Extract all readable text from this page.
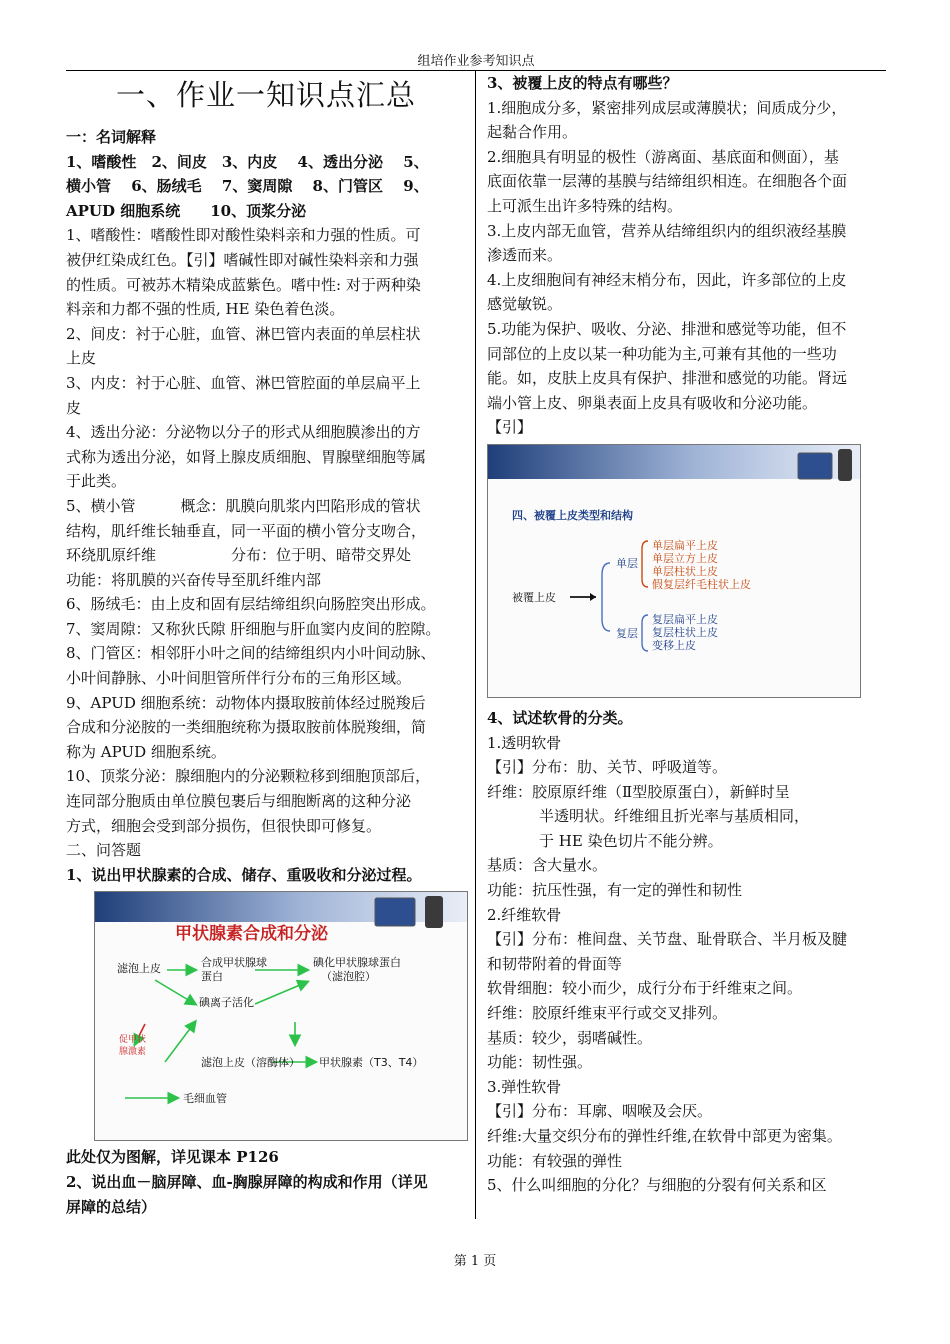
组培作业参考知识点
一、作业一知识点汇总

一：名词解释

1、嗜酸性　2、间皮　3、内皮　 4、透出分泌　 5、

横小管　 6、肠绒毛　 7、窦周隙　 8、门管区　 9、

APUD 细胞系统　　10、顶浆分泌

1、嗜酸性：嗜酸性即对酸性染料亲和力强的性质。可

被伊红染成红色。【引】嗜碱性即对碱性染料亲和力强

的性质。可被苏木精染成蓝紫色。嗜中性: 对于两种染

料亲和力都不强的性质, HE 染色着色淡。

2、间皮：衬于心脏，血管、淋巴管内表面的单层柱状

上皮

3、内皮：衬于心脏、血管、淋巴管腔面的单层扁平上

皮

4、透出分泌：分泌物以分子的形式从细胞膜渗出的方

式称为透出分泌，如肾上腺皮质细胞、胃腺壁细胞等属

于此类。

5、横小管　　　概念：肌膜向肌浆内凹陷形成的管状

结构，肌纤维长轴垂直，同一平面的横小管分支吻合，

环绕肌原纤维　　　　　分布：位于明、暗带交界处

功能：将肌膜的兴奋传导至肌纤维内部

6、肠绒毛：由上皮和固有层结缔组织向肠腔突出形成。

7、窦周隙：又称狄氏隙 肝细胞与肝血窦内皮间的腔隙。

8、门管区：相邻肝小叶之间的结缔组织内小叶间动脉、

小叶间静脉、小叶间胆管所伴行分布的三角形区域。

9、APUD 细胞系统：动物体内摄取胺前体经过脱羧后

合成和分泌胺的一类细胞统称为摄取胺前体脱羧细，简

称为 APUD 细胞系统。

10、顶浆分泌：腺细胞内的分泌颗粒移到细胞顶部后，

连同部分胞质由单位膜包裹后与细胞断离的这种分泌

方式，细胞会受到部分损伤，但很快即可修复。

二、问答题

1、说出甲状腺素的合成、储存、重吸收和分泌过程。

甲状腺素合成和分泌
滤泡上皮	合成甲状腺球
蛋白
碘化甲状腺球蛋白
（滤泡腔）
碘离子活化
促甲状
腺激素
滤泡上皮（溶酶体） 甲状腺素（T3、T4）
毛细血管

此处仅为图解，详见课本 P126

2、说出血－脑屏障、血-胸腺屏障的构成和作用（详见

屏障的总结）

3、被覆上皮的特点有哪些？

1.细胞成分多，紧密排列成层或薄膜状；间质成分少，

起黏合作用。

2.细胞具有明显的极性（游离面、基底面和侧面），基

底面依靠一层薄的基膜与结缔组织相连。在细胞各个面

上可派生出许多特殊的结构。

3.上皮内部无血管，营养从结缔组织内的组织液经基膜

渗透而来。

4.上皮细胞间有神经末梢分布，因此，许多部位的上皮

感觉敏锐。

5.功能为保护、吸收、分泌、排泄和感觉等功能，但不

同部位的上皮以某一种功能为主,可兼有其他的一些功

能。如，皮肤上皮具有保护、排泄和感觉的功能。肾远

端小管上皮、卵巢表面上皮具有吸收和分泌功能。

【引】

四、被覆上皮类型和结构
被覆上皮
单层
复层
单层扁平上皮
单层立方上皮
单层柱状上皮
假复层纤毛柱状上皮
复层扁平上皮
复层柱状上皮
变移上皮

4、试述软骨的分类。

1.透明软骨

【引】分布：肋、关节、呼吸道等。

纤维：胶原原纤维（Ⅱ型胶原蛋白），新鲜时呈

半透明状。纤维细且折光率与基质相同，

于 HE 染色切片不能分辨。

基质：含大量水。

功能：抗压性强，有一定的弹性和韧性

2.纤维软骨

【引】分布：椎间盘、关节盘、耻骨联合、半月板及腱

和韧带附着的骨面等

软骨细胞：较小而少，成行分布于纤维束之间。

纤维：胶原纤维束平行或交叉排列。

基质：较少，弱嗜碱性。

功能：韧性强。

3.弹性软骨

【引】分布：耳廓、咽喉及会厌。

纤维:大量交织分布的弹性纤维,在软骨中部更为密集。

功能：有较强的弹性

5、什么叫细胞的分化？与细胞的分裂有何关系和区

第 1 页
